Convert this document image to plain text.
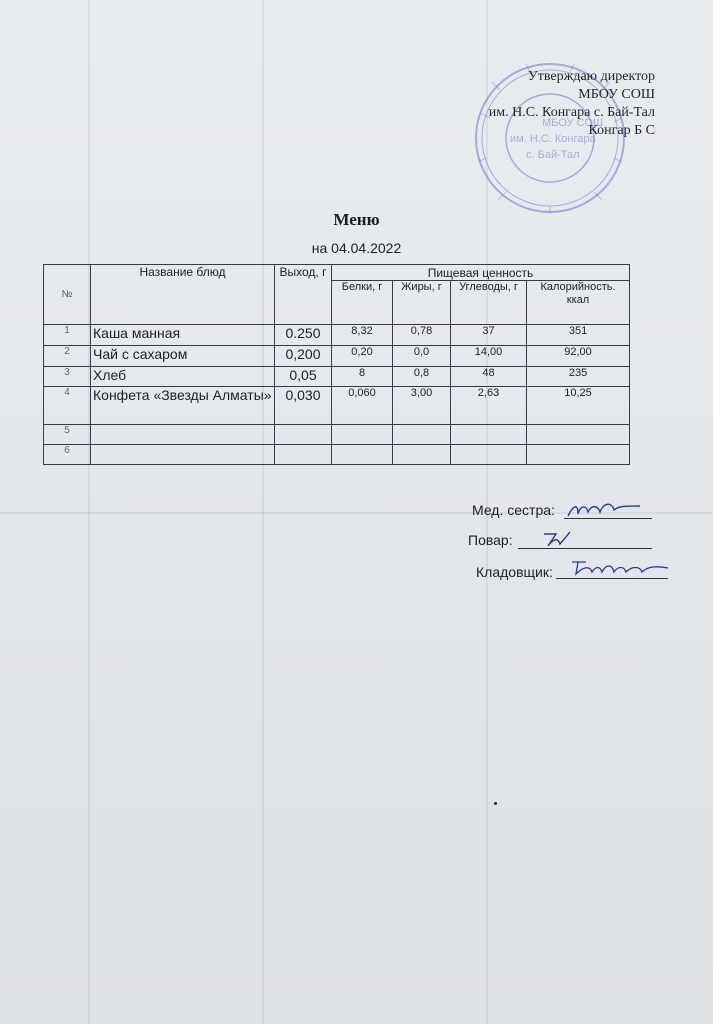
МБОУ СОШ
им. Н.С. Конгара
с. Бай-Тал
Утверждаю директор
МБОУ СОШ
им. Н.С. Конгара с. Бай-Тал
Конгар Б С
Меню
на 04.04.2022
№	Название блюд	Выход, г	Пищевая ценность			
			Белки, г	Жиры, г	Углеводы, г	Калорийность. ккал
1	Каша манная	0.250	8,32	0,78	37	351
2	Чай с сахаром	0,200	0,20	0,0	14,00	92,00
3	Хлеб	0,05	8	0,8	48	235
4	Конфета «Звезды Алматы»	0,030	0,060	3,00	2,63	10,25
5						
6						
Мед. сестра:
Повар:
Кладовщик:
